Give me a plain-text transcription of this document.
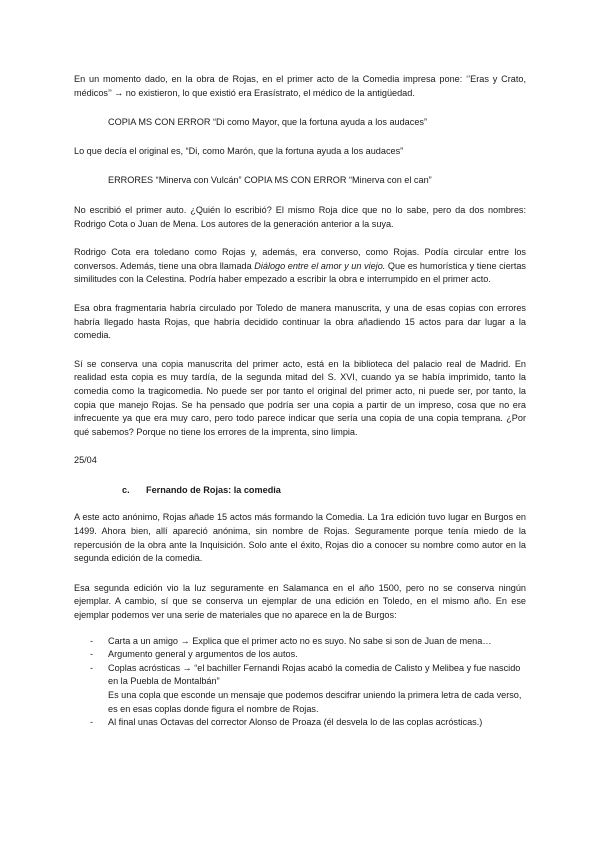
En un momento dado, en la obra de Rojas, en el primer acto de la Comedia impresa pone: ‘’Eras y Crato, médicos’’ → no existieron, lo que existió era Erasístrato, el médico de la antigüedad.

COPIA MS CON ERROR “Di como Mayor, que la fortuna ayuda a los audaces”

Lo que decía el original es, “Di, como Marón, que la fortuna ayuda a los audaces”

ERRORES “Minerva con Vulcán” COPIA MS CON ERROR “Minerva con el can”

No escribió el primer auto. ¿Quién lo escribió? El mismo Roja dice que no lo sabe, pero da dos nombres: Rodrigo Cota o Juan de Mena. Los autores de la generación anterior a la suya.

Rodrigo Cota era toledano como Rojas y, además, era converso, como Rojas. Podía circular entre los conversos. Además, tiene una obra llamada Diálogo entre el amor y un viejo. Que es humorística y tiene ciertas similitudes con la Celestina. Podría haber empezado a escribir la obra e interrumpido en el primer acto.

Esa obra fragmentaria habría circulado por Toledo de manera manuscrita, y una de esas copias con errores habría llegado hasta Rojas, que habría decidido continuar la obra añadiendo 15 actos para dar lugar a la comedia.

Sí se conserva una copia manuscrita del primer acto, está en la biblioteca del palacio real de Madrid. En realidad esta copia es muy tardía, de la segunda mitad del S. XVI, cuando ya se había imprimido, tanto la comedia como la tragicomedia. No puede ser por tanto el original del primer acto, ni puede ser, por tanto, la copia que manejo Rojas. Se ha pensado que podría ser una copia a partir de un impreso, cosa que no era infrecuente ya que era muy caro, pero todo parece indicar que sería una copia de una copia temprana. ¿Por qué sabemos? Porque no tiene los errores de la imprenta, sino limpia.

25/04

c. Fernando de Rojas: la comedia

A este acto anónimo, Rojas añade 15 actos más formando la Comedia. La 1ra edición tuvo lugar en Burgos en 1499. Ahora bien, allí apareció anónima, sin nombre de Rojas. Seguramente porque tenía miedo de la repercusión de la obra ante la Inquisición. Solo ante el éxito, Rojas dio a conocer su nombre como autor en la segunda edición de la comedia.

Esa segunda edición vio la luz seguramente en Salamanca en el año 1500, pero no se conserva ningún ejemplar. A cambio, sí que se conserva un ejemplar de una edición en Toledo, en el mismo año. En ese ejemplar podemos ver una serie de materiales que no aparece en la de Burgos:

- Carta a un amigo → Explica que el primer acto no es suyo. No sabe si son de Juan de mena…
- Argumento general y argumentos de los autos.
- Coplas acrósticas → “el bachiller Fernandi Rojas acabó la comedia de Calisto y Melibea y fue nascido en la Puebla de Montalbán”
Es una copla que esconde un mensaje que podemos descifrar uniendo la primera letra de cada verso, es en esas coplas donde figura el nombre de Rojas.
- Al final unas Octavas del corrector Alonso de Proaza (él desvela lo de las coplas acrósticas.)
